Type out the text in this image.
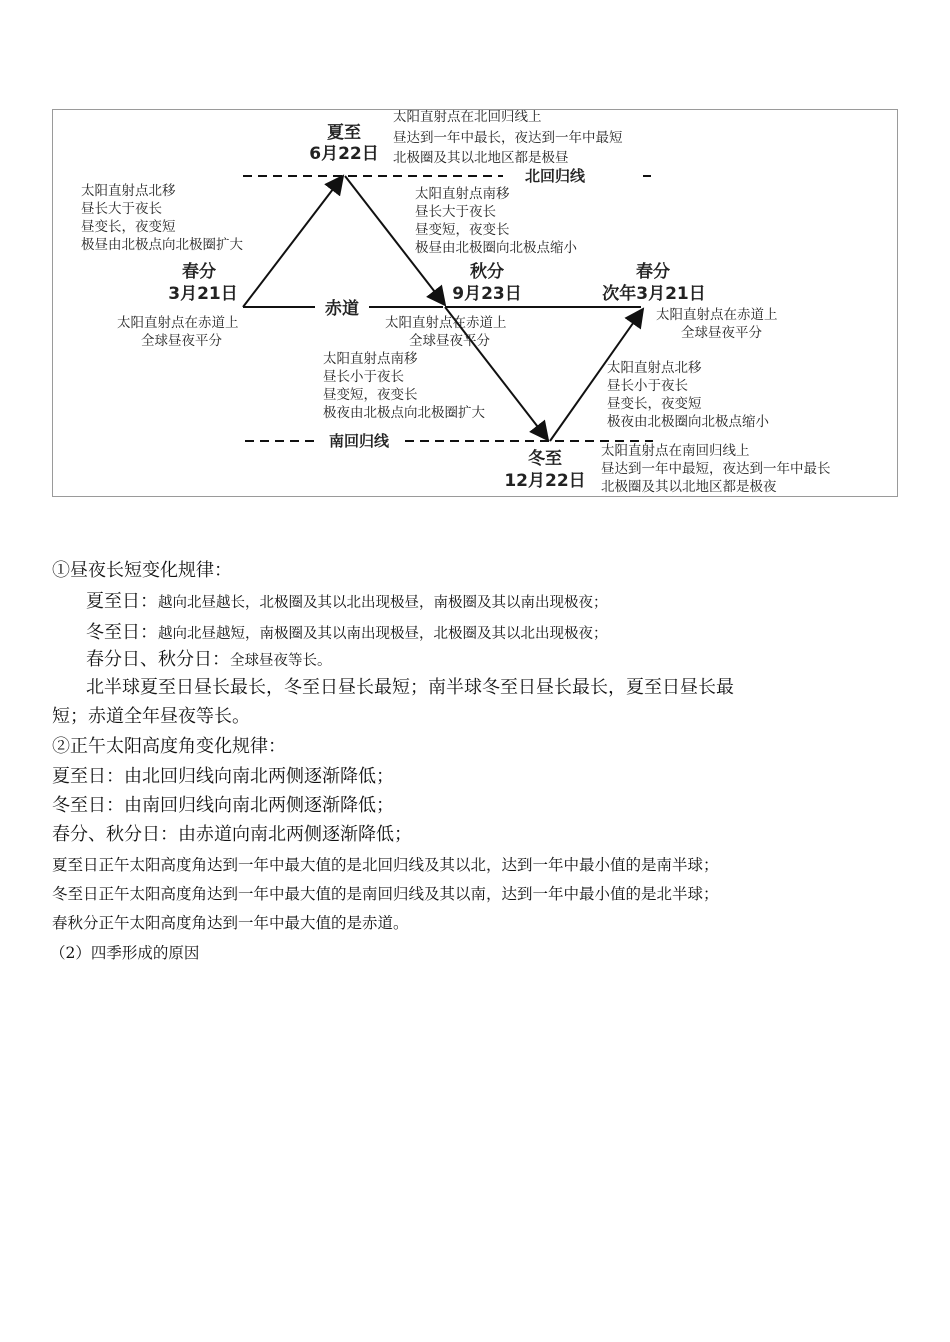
北回归线
南回归线
赤道
夏至
6月22日
太阳直射点在北回归线上
昼达到一年中最长，夜达到一年中最短
北极圈及其以北地区都是极昼
太阳直射点北移
昼长大于夜长
昼变长，夜变短
极昼由北极点向北极圈扩大
太阳直射点南移
昼长大于夜长
昼变短，夜变长
极昼由北极圈向北极点缩小
春分
3月21日
太阳直射点在赤道上
全球昼夜平分
秋分
9月23日
太阳直射点在赤道上
全球昼夜平分
春分
次年3月21日
太阳直射点在赤道上
全球昼夜平分
太阳直射点南移
昼长小于夜长
昼变短，夜变长
极夜由北极点向北极圈扩大
太阳直射点北移
昼长小于夜长
昼变长，夜变短
极夜由北极圈向北极点缩小
冬至
12月22日
太阳直射点在南回归线上
昼达到一年中最短，夜达到一年中最长
北极圈及其以北地区都是极夜
①昼夜长短变化规律：
夏至日：越向北昼越长，北极圈及其以北出现极昼，南极圈及其以南出现极夜；
冬至日：越向北昼越短，南极圈及其以南出现极昼，北极圈及其以北出现极夜；
春分日、秋分日：全球昼夜等长。
北半球夏至日昼长最长，冬至日昼长最短；南半球冬至日昼长最长，夏至日昼长最
短；赤道全年昼夜等长。
②正午太阳高度角变化规律：
夏至日：由北回归线向南北两侧逐渐降低；
冬至日：由南回归线向南北两侧逐渐降低；
春分、秋分日：由赤道向南北两侧逐渐降低；
夏至日正午太阳高度角达到一年中最大值的是北回归线及其以北，达到一年中最小值的是南半球；
冬至日正午太阳高度角达到一年中最大值的是南回归线及其以南，达到一年中最小值的是北半球；
春秋分正午太阳高度角达到一年中最大值的是赤道。
（2）四季形成的原因
